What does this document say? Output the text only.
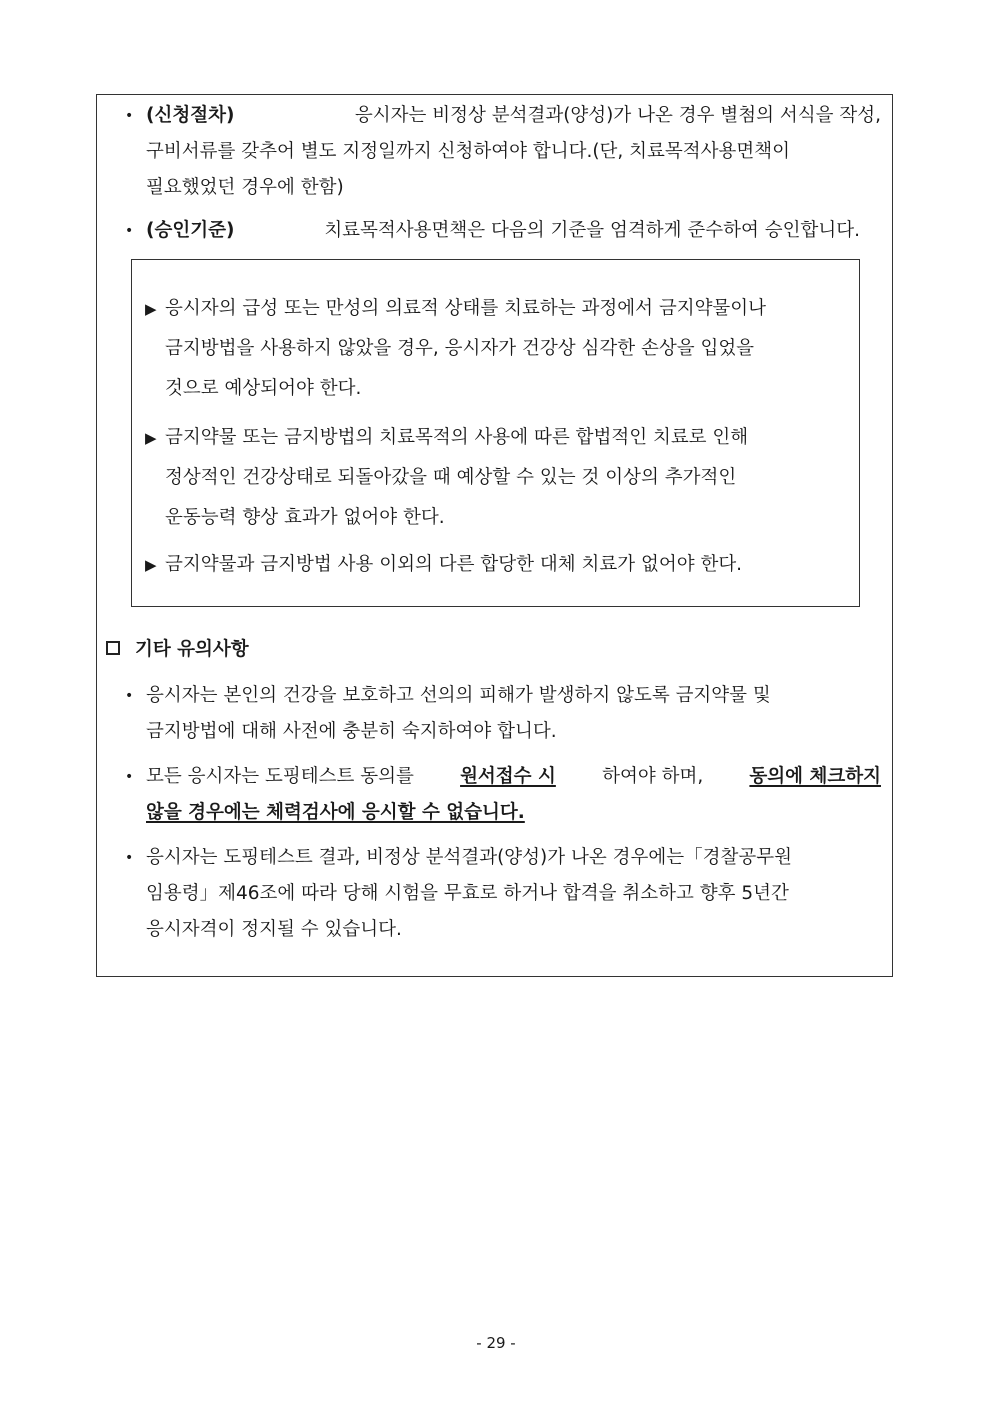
• (신청절차)	응시자는 비정상 분석결과(양성)가 나온 경우 별첨의 서식을 작성,
구비서류를 갖추어 별도 지정일까지 신청하여야 합니다.(단, 치료목적사용면책이
필요했었던 경우에 한함)
• (승인기준)	치료목적사용면책은 다음의 기준을 엄격하게 준수하여 승인합니다.
▶ 응시자의 급성 또는 만성의 의료적 상태를 치료하는 과정에서 금지약물이나
금지방법을 사용하지 않았을 경우, 응시자가 건강상 심각한 손상을 입었을
것으로 예상되어야 한다.
▶ 금지약물 또는 금지방법의 치료목적의 사용에 따른 합법적인 치료로 인해
정상적인 건강상태로 되돌아갔을 때 예상할 수 있는 것 이상의 추가적인
운동능력 향상 효과가 없어야 한다.
▶ 금지약물과 금지방법 사용 이외의 다른 합당한 대체 치료가 없어야 한다.
기타 유의사항
• 응시자는 본인의 건강을 보호하고 선의의 피해가 발생하지 않도록 금지약물 및
금지방법에 대해 사전에 충분히 숙지하여야 합니다.
• 모든 응시자는 도핑테스트 동의를 원서접수 시 하여야 하며, 동의에 체크하지
않을 경우에는 체력검사에 응시할 수 없습니다.
• 응시자는 도핑테스트 결과, 비정상 분석결과(양성)가 나온 경우에는「경찰공무원
임용령」제46조에 따라 당해 시험을 무효로 하거나 합격을 취소하고 향후 5년간
응시자격이 정지될 수 있습니다.
- 29 -
